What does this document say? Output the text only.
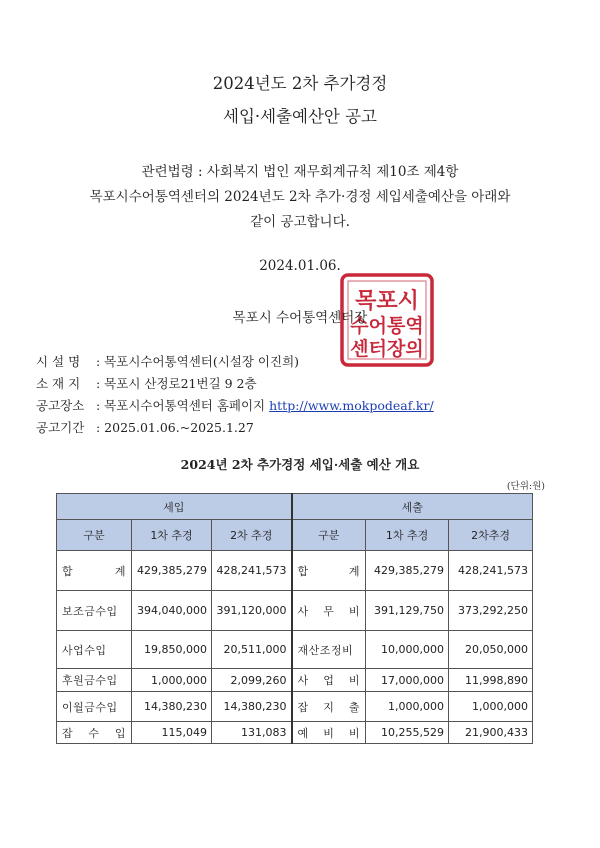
2024년도 2차 추가경정
세입·세출예산안 공고
관련법령 : 사회복지 법인 재무회계규칙 제10조 제4항
목포시수어통역센터의 2024년도 2차 추가·경정 세입세출예산을 아래와
같이 공고합니다.
2024.01.06.
목포시
수어통역
센터장의
목포시 수어통역센터장
시 설 명 : 목포시수어통역센터(시설장 이진희)
소 재 지 : 목포시 산정로21번길 9 2층
공고장소 : 목포시수어통역센터 홈페이지 http://www.mokpodeaf.kr/
공고기간 : 2025.01.06.~2025.1.27
2024년 2차 추가경정 세입·세출 예산 개요
(단위:원)
세입			세출		
구분	1차 추경	2차 추경	구분	1차 추경	2차추경
합 계	429,385,279	428,241,573	합 계	429,385,279	428,241,573
보조금수입	394,040,000	391,120,000	사 무 비	391,129,750	373,292,250
사업수입	19,850,000	20,511,000	재산조정비	10,000,000	20,050,000
후원금수입	1,000,000	2,099,260	사 업 비	17,000,000	11,998,890
이월금수입	14,380,230	14,380,230	잡 지 출	1,000,000	1,000,000
잡 수 입	115,049	131,083	예 비 비	10,255,529	21,900,433
